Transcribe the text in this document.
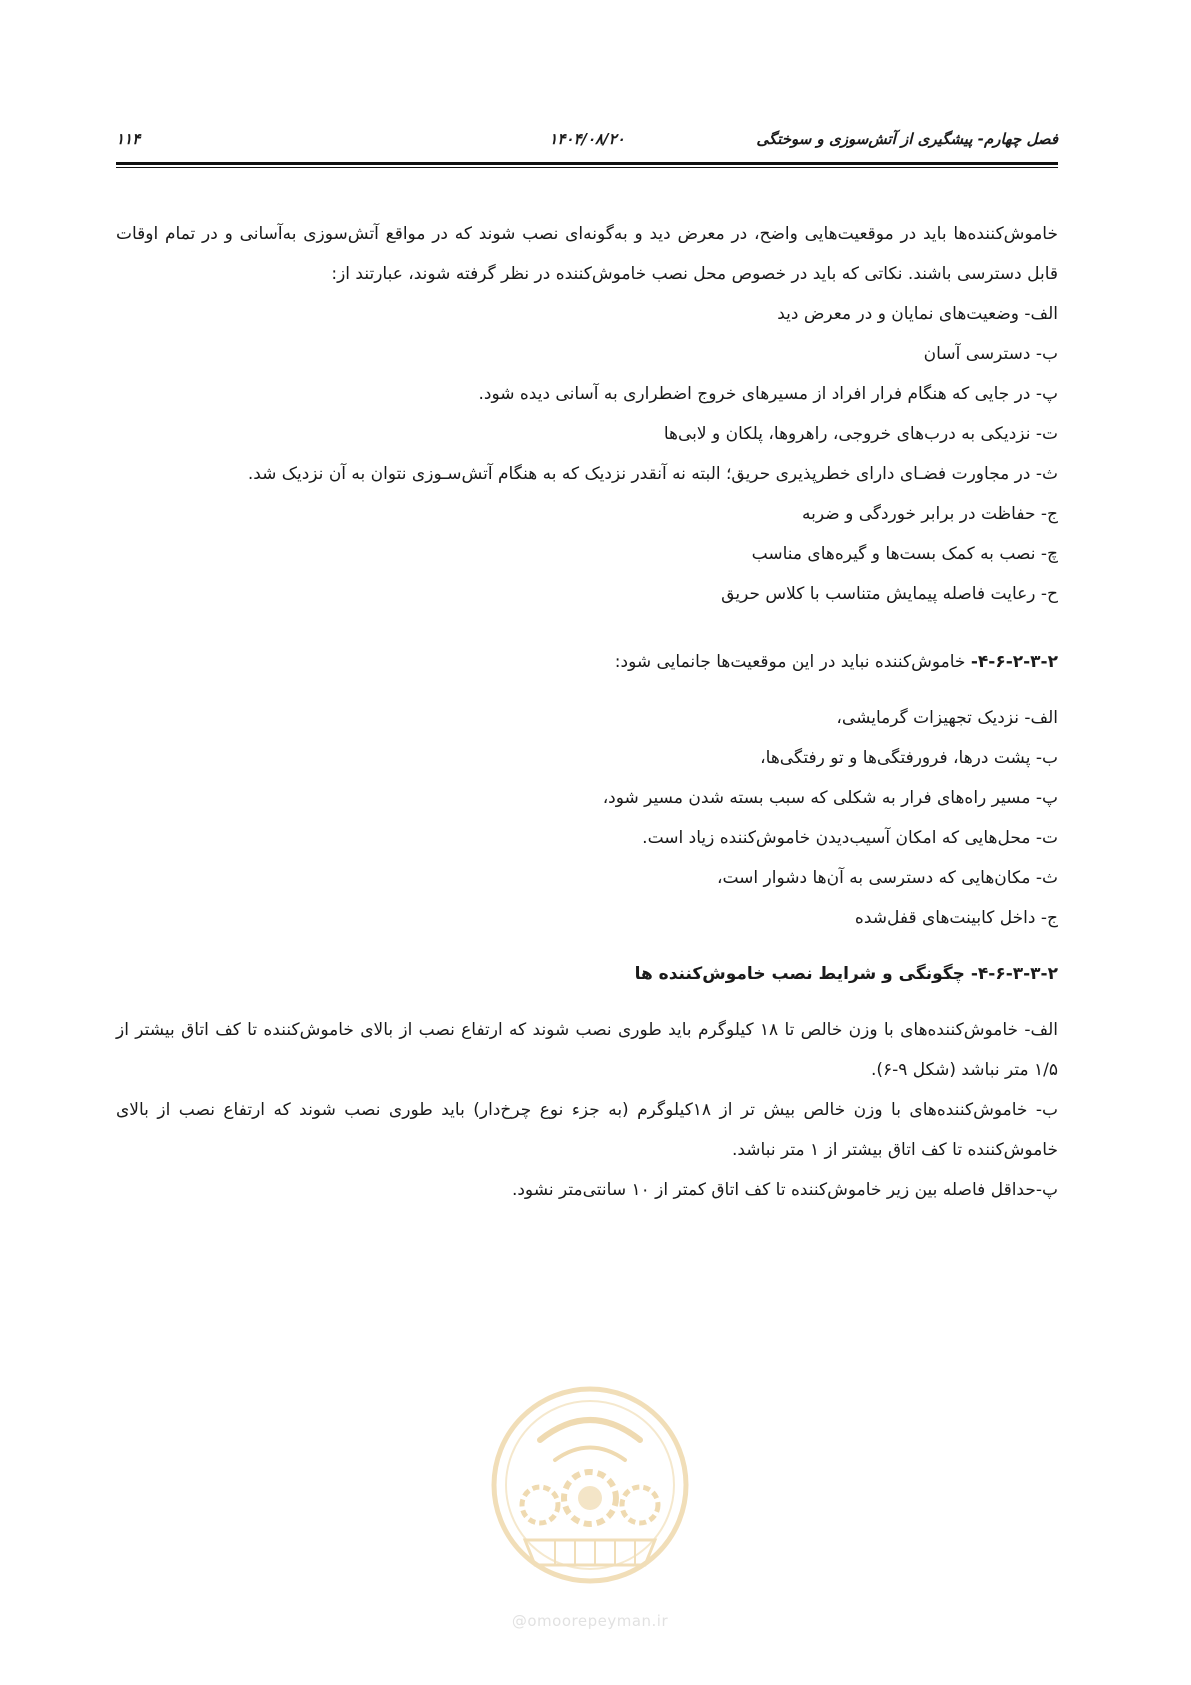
۱۱۴	۱۴۰۴/۰۸/۲۰	فصل چهارم- پیشگیری از آتش‌سوزی و سوختگی

خاموش‌کننده‌ها باید در موقعیت‌هایی واضح، در معرض دید و به‌گونه‌ای نصب شوند که در مواقع آتش‌سوزی به‌آسانی و در تمام اوقات قابل دسترسی باشند. نکاتی که باید در خصوص محل نصب خاموش‌کننده در نظر گرفته شوند، عبارتند از:

الف- وضعیت‌های نمایان و در معرض دید

ب- دسترسی آسان

پ- در جایی که هنگام فرار افراد از مسیرهای خروج اضطراری به آسانی دیده شود.

ت- نزدیکی به درب‌های خروجی، راهروها، پلکان و لابی‌ها

ث- در مجاورت فضـای دارای خطرپذیری حریق؛ البته نه آنقدر نزدیک که به هنگام آتش‌سـوزی نتوان به آن نزدیک شد.

ج- حفاظت در برابر خوردگی و ضربه

چ- نصب به کمک بست‌ها و گیره‌های مناسب

ح- رعایت فاصله پیمایش متناسب با کلاس حریق

۴-۶-۲-۳-۲- خاموش‌کننده نباید در این موقعیت‌ها جانمایی شود:

الف- نزدیک تجهیزات گرمایشی،

ب- پشت درها، فرورفتگی‌ها و تو رفتگی‌ها،

پ- مسیر راه‌های فرار به شکلی که سبب بسته شدن مسیر شود،

ت- محل‌هایی که امکان آسیب‌دیدن خاموش‌کننده زیاد است.

ث- مکان‌هایی که دسترسی به آن‌ها دشوار است،

ج- داخل کابینت‌های قفل‌شده

۴-۶-۳-۳-۲- چگونگی و شرایط نصب خاموش‌کننده ها

الف- خاموش‌کننده‌های با وزن خالص تا ۱۸ کیلوگرم باید طوری نصب شوند که ارتفاع نصب از بالای خاموش‌کننده تا کف اتاق بیشتر از ۱/۵ متر نباشد (شکل ۹-۶).

ب- خاموش‌کننده‌های با وزن خالص بیش تر از ۱۸کیلوگرم (به جزء نوع چرخ‌دار) باید طوری نصب شوند که ارتفاع نصب از بالای خاموش‌کننده تا کف اتاق بیشتر از ۱ متر نباشد.

پ-حداقل فاصله بین زیر خاموش‌کننده تا کف اتاق کمتر از ۱۰ سانتی‌متر نشود.

@omoorepeyman.ir
